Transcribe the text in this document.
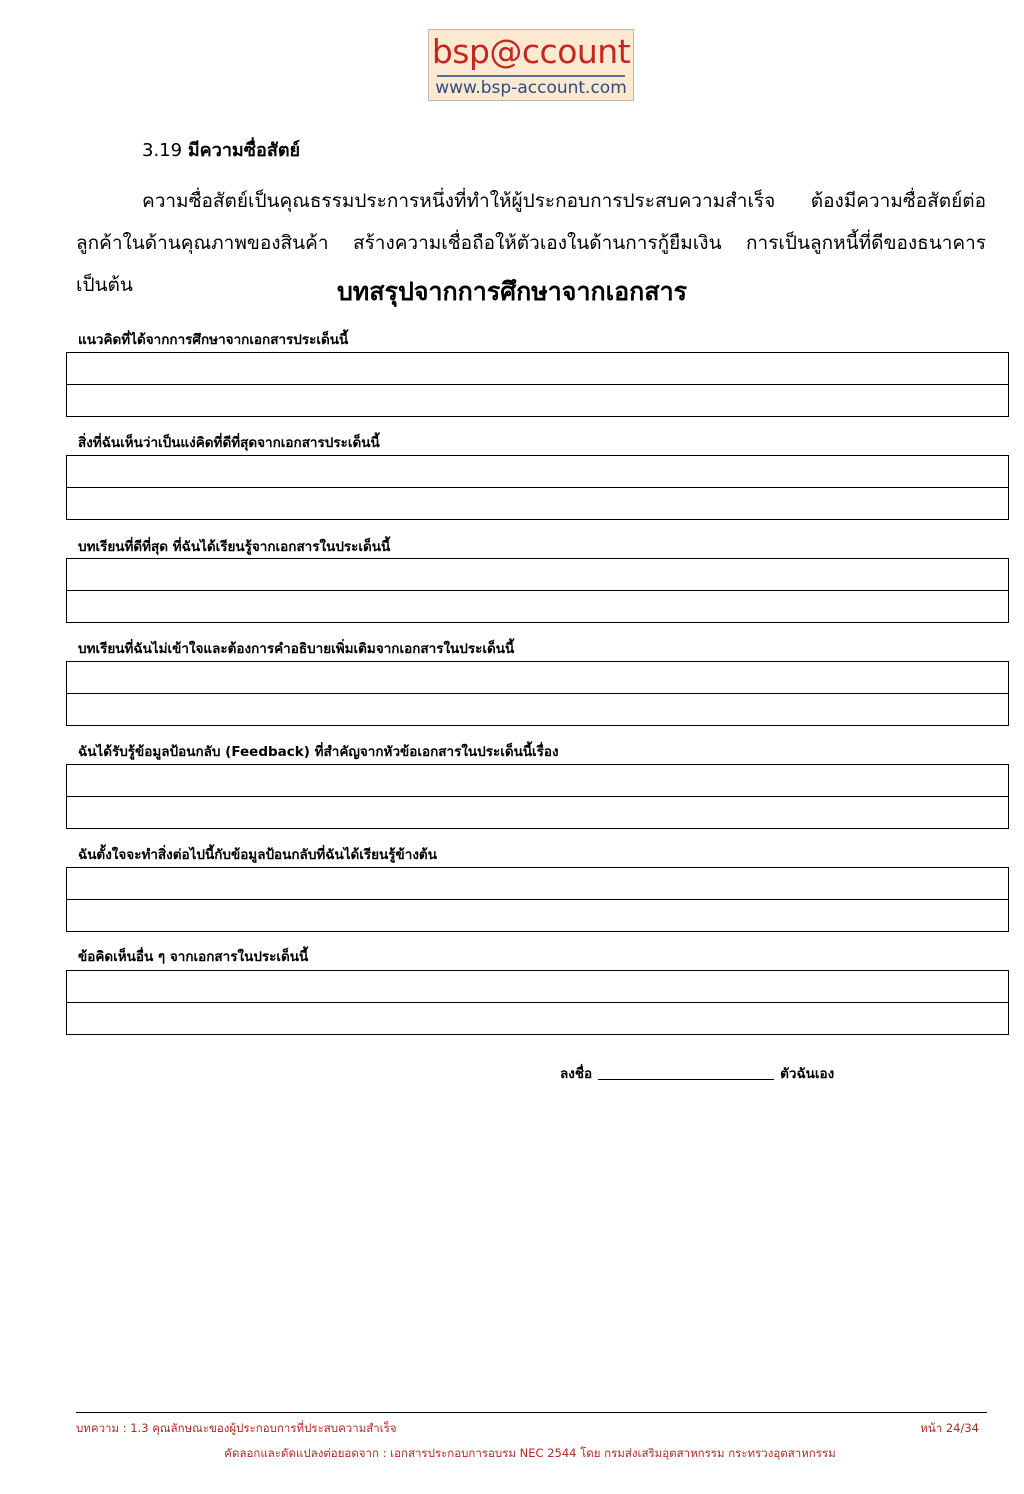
bsp@ccount
www.bsp-account.com
3.19 มีความซื่อสัตย์
ความซื่อสัตย์เป็นคุณธรรมประการหนึ่งที่ทำให้ผู้ประกอบการประสบความสำเร็จ ต้องมีความซื่อสัตย์ต่อลูกค้าในด้านคุณภาพของสินค้า สร้างความเชื่อถือให้ตัวเองในด้านการกู้ยืมเงิน การเป็นลูกหนี้ที่ดีของธนาคาร เป็นต้น	บทสรุปจากการศึกษาจากเอกสาร
แนวคิดที่ได้จากการศึกษาจากเอกสารประเด็นนี้
สิ่งที่ฉันเห็นว่าเป็นแง่คิดที่ดีที่สุดจากเอกสารประเด็นนี้
บทเรียนที่ดีที่สุด ที่ฉันได้เรียนรู้จากเอกสารในประเด็นนี้
บทเรียนที่ฉันไม่เข้าใจและต้องการคำอธิบายเพิ่มเติมจากเอกสารในประเด็นนี้
ฉันได้รับรู้ข้อมูลป้อนกลับ (Feedback) ที่สำคัญจากหัวข้อเอกสารในประเด็นนี้เรื่อง
ฉันตั้งใจจะทำสิ่งต่อไปนี้กับข้อมูลป้อนกลับที่ฉันได้เรียนรู้ข้างต้น
ข้อคิดเห็นอื่น ๆ จากเอกสารในประเด็นนี้
ลงชื่อ	ตัวฉันเอง
บทความ : 1.3 คุณลักษณะของผู้ประกอบการที่ประสบความสำเร็จ	หน้า 24/34
คัดลอกและดัดแปลงต่อยอดจาก : เอกสารประกอบการอบรม NEC 2544 โดย กรมส่งเสริมอุตสาหกรรม กระทรวงอุตสาหกรรม
